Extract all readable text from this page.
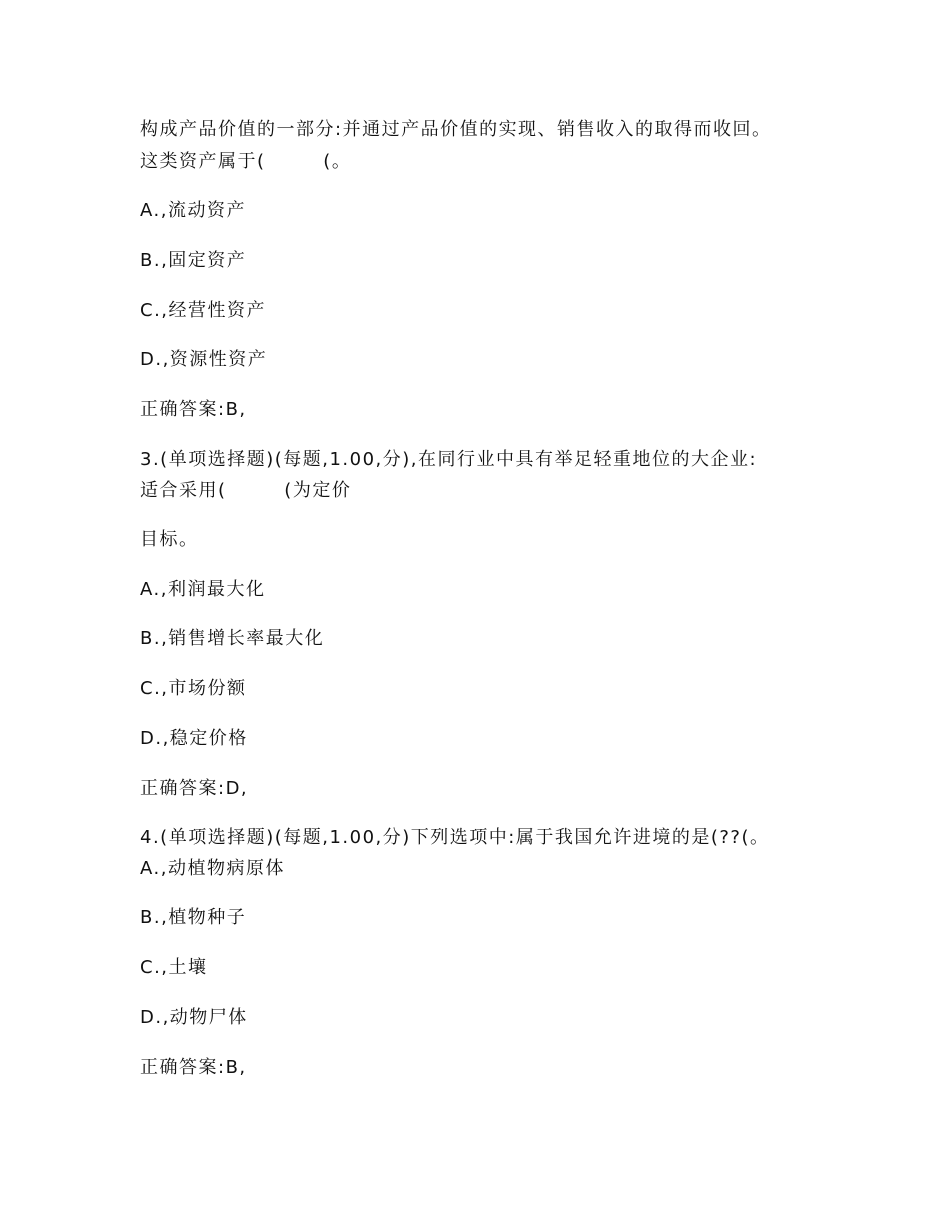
构成产品价值的一部分:并通过产品价值的实现、销售收入的取得而收回。
这类资产属于(        (。
A.,流动资产
B.,固定资产
C.,经营性资产
D.,资源性资产
正确答案:B,
3.(单项选择题)(每题,1.00,分),在同行业中具有举足轻重地位的大企业:
适合采用(        (为定价
目标。
A.,利润最大化
B.,销售增长率最大化
C.,市场份额
D.,稳定价格
正确答案:D,
4.(单项选择题)(每题,1.00,分)下列选项中:属于我国允许进境的是(??(。
A.,动植物病原体
B.,植物种子
C.,土壤
D.,动物尸体
正确答案:B,
